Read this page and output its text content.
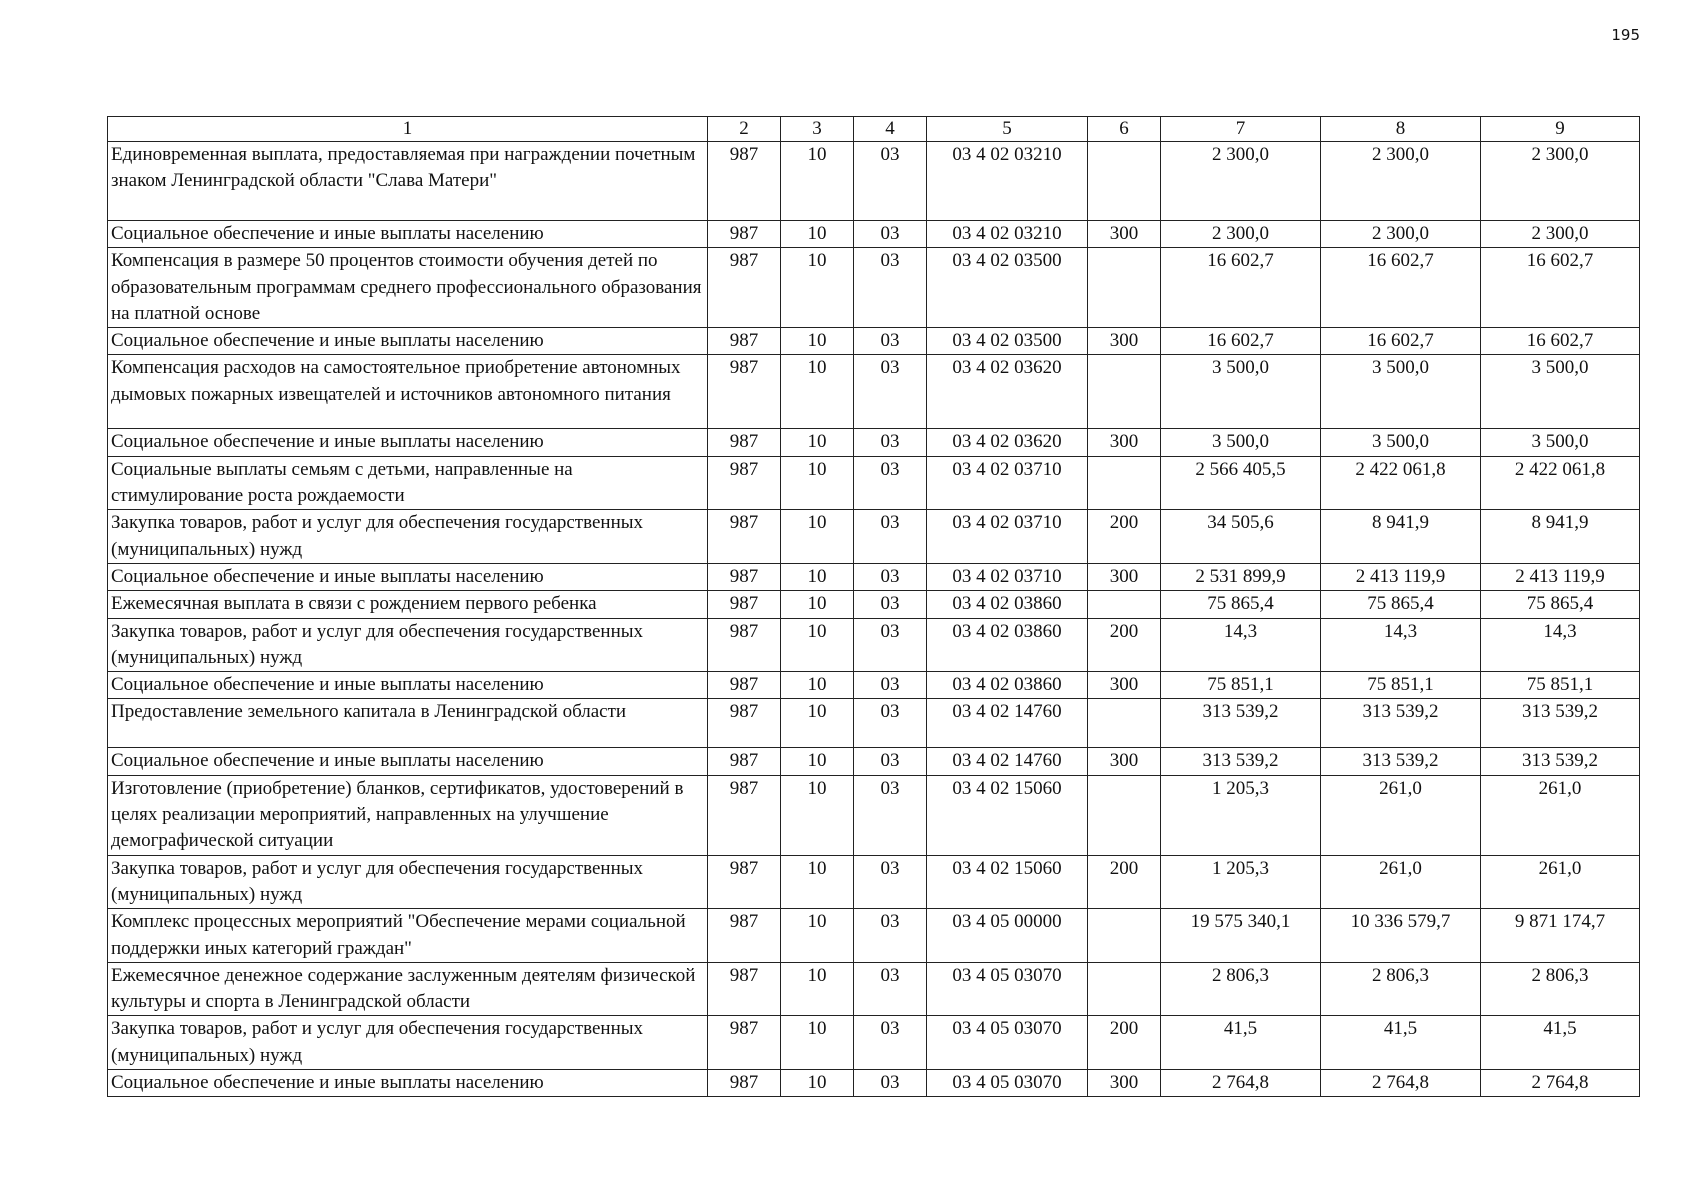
195
1	2	3	4	5	6	7	8	9
Единовременная выплата, предоставляемая при награждении почетным знаком Ленинградской области "Слава Матери"	987	10	03	03 4 02 03210		2 300,0	2 300,0	2 300,0
Социальное обеспечение и иные выплаты населению	987	10	03	03 4 02 03210	300	2 300,0	2 300,0	2 300,0
Компенсация в размере 50 процентов стоимости обучения детей по образовательным программам среднего профессионального образования на платной основе	987	10	03	03 4 02 03500		16 602,7	16 602,7	16 602,7
Социальное обеспечение и иные выплаты населению	987	10	03	03 4 02 03500	300	16 602,7	16 602,7	16 602,7
Компенсация расходов на самостоятельное приобретение автономных дымовых пожарных извещателей и источников автономного питания	987	10	03	03 4 02 03620		3 500,0	3 500,0	3 500,0
Социальное обеспечение и иные выплаты населению	987	10	03	03 4 02 03620	300	3 500,0	3 500,0	3 500,0
Социальные выплаты семьям с детьми, направленные на стимулирование роста рождаемости	987	10	03	03 4 02 03710		2 566 405,5	2 422 061,8	2 422 061,8
Закупка товаров, работ и услуг для обеспечения государственных (муниципальных) нужд	987	10	03	03 4 02 03710	200	34 505,6	8 941,9	8 941,9
Социальное обеспечение и иные выплаты населению	987	10	03	03 4 02 03710	300	2 531 899,9	2 413 119,9	2 413 119,9
Ежемесячная выплата в связи с рождением первого ребенка	987	10	03	03 4 02 03860		75 865,4	75 865,4	75 865,4
Закупка товаров, работ и услуг для обеспечения государственных (муниципальных) нужд	987	10	03	03 4 02 03860	200	14,3	14,3	14,3
Социальное обеспечение и иные выплаты населению	987	10	03	03 4 02 03860	300	75 851,1	75 851,1	75 851,1
Предоставление земельного капитала в Ленинградской области	987	10	03	03 4 02 14760		313 539,2	313 539,2	313 539,2
Социальное обеспечение и иные выплаты населению	987	10	03	03 4 02 14760	300	313 539,2	313 539,2	313 539,2
Изготовление (приобретение) бланков, сертификатов, удостоверений в целях реализации мероприятий, направленных на улучшение демографической ситуации	987	10	03	03 4 02 15060		1 205,3	261,0	261,0
Закупка товаров, работ и услуг для обеспечения государственных (муниципальных) нужд	987	10	03	03 4 02 15060	200	1 205,3	261,0	261,0
Комплекс процессных мероприятий "Обеспечение мерами социальной поддержки иных категорий граждан"	987	10	03	03 4 05 00000		19 575 340,1	10 336 579,7	9 871 174,7
Ежемесячное денежное содержание заслуженным деятелям физической культуры и спорта в Ленинградской области	987	10	03	03 4 05 03070		2 806,3	2 806,3	2 806,3
Закупка товаров, работ и услуг для обеспечения государственных (муниципальных) нужд	987	10	03	03 4 05 03070	200	41,5	41,5	41,5
Социальное обеспечение и иные выплаты населению	987	10	03	03 4 05 03070	300	2 764,8	2 764,8	2 764,8
